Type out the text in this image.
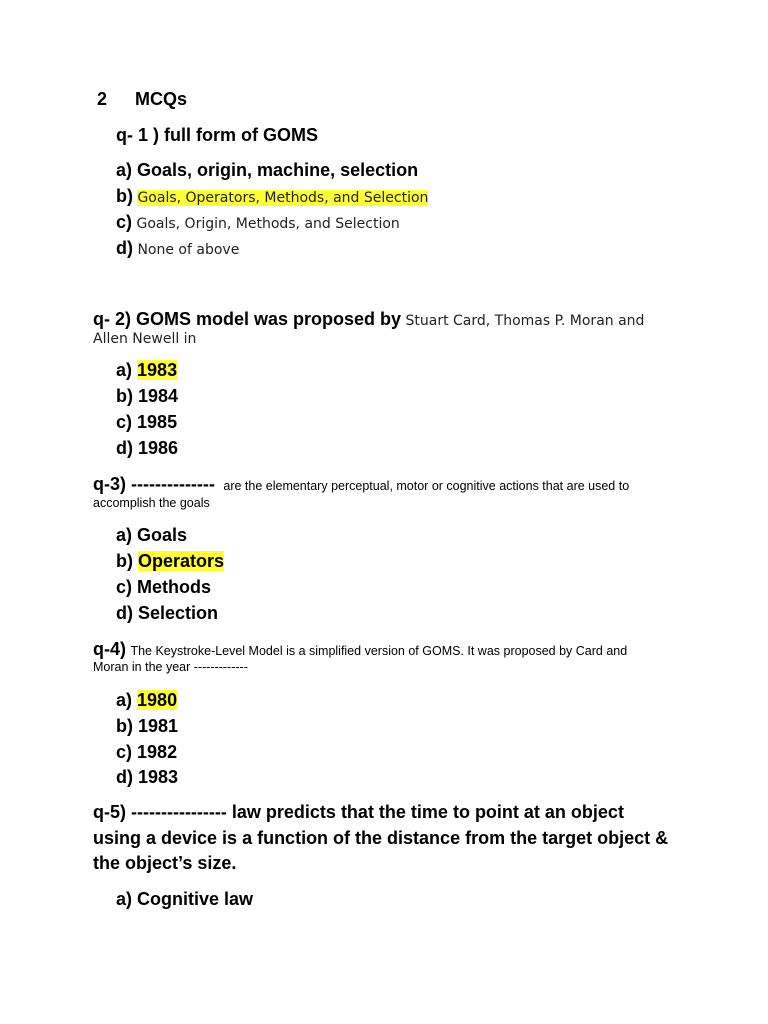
2 MCQs
q- 1 ) full form of GOMS
a) Goals, origin, machine, selection
b) Goals, Operators, Methods, and Selection
c) Goals, Origin, Methods, and Selection
d) None of above
q- 2) GOMS model was proposed by Stuart Card, Thomas P. Moran and
Allen Newell in
a) 1983
b) 1984
c) 1985
d) 1986
q-3) -------------- are the elementary perceptual, motor or cognitive actions that are used to
accomplish the goals
a) Goals
b) Operators
c) Methods
d) Selection
q-4) The Keystroke-Level Model is a simplified version of GOMS. It was proposed by Card and
Moran in the year -------------
a) 1980
b) 1981
c) 1982
d) 1983
q-5) ---------------- law predicts that the time to point at an object
using a device is a function of the distance from the target object &
the object’s size.
a) Cognitive law
